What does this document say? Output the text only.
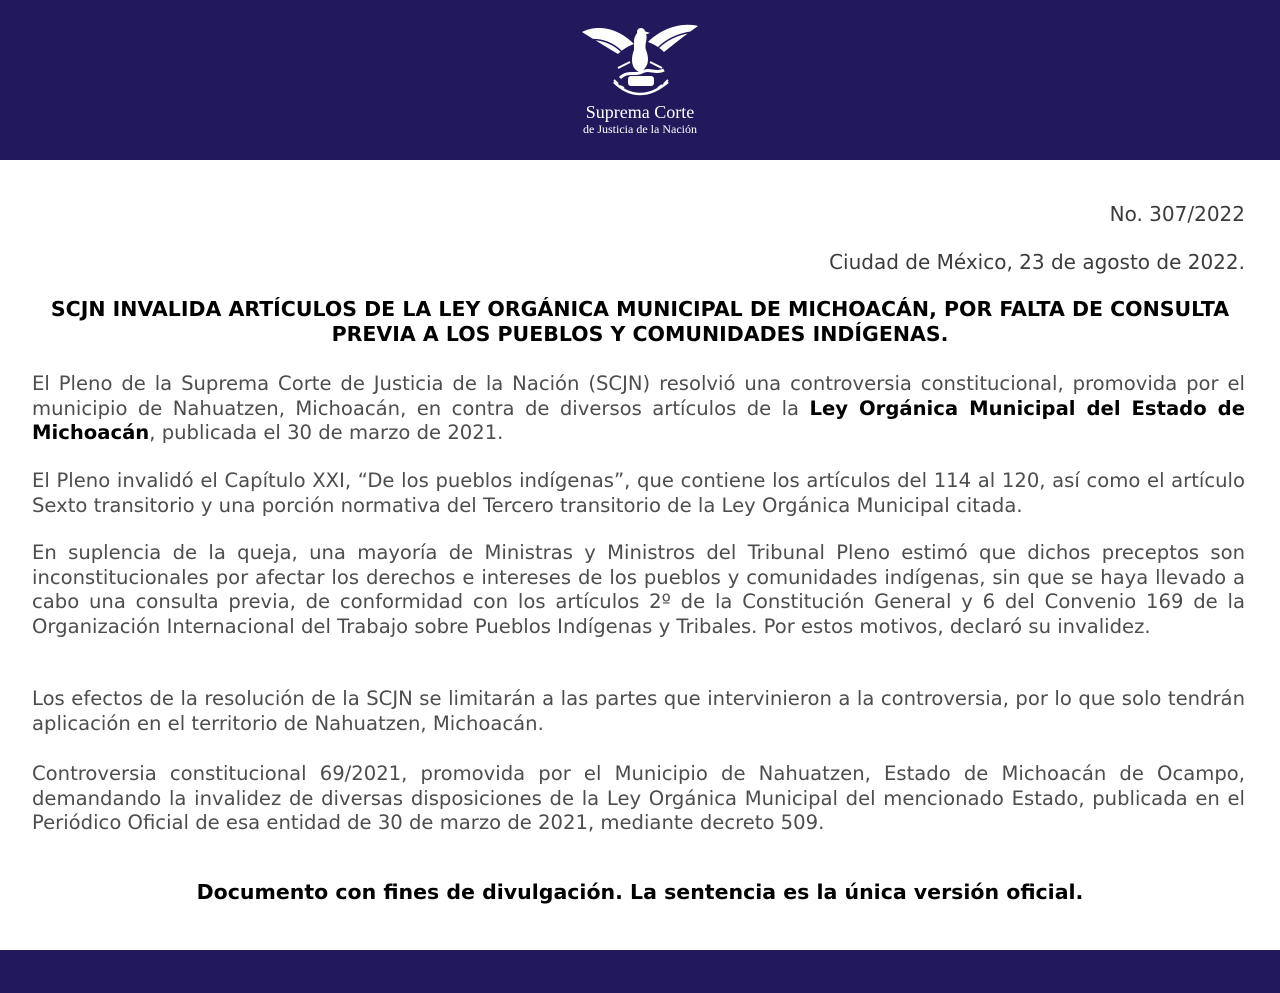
Suprema Corte
de Justicia de la Nación
No. 307/2022
Ciudad de México, 23 de agosto de 2022.
SCJN INVALIDA ARTÍCULOS DE LA LEY ORGÁNICA MUNICIPAL DE MICHOACÁN, POR FALTA DE CONSULTA
PREVIA A LOS PUEBLOS Y COMUNIDADES INDÍGENAS.

El Pleno de la Suprema Corte de Justicia de la Nación (SCJN) resolvió una controversia constitucional, promovida por el municipio de Nahuatzen, Michoacán, en contra de diversos artículos de la Ley Orgánica Municipal del Estado de Michoacán, publicada el 30 de marzo de 2021.

El Pleno invalidó el Capítulo XXI, “De los pueblos indígenas”, que contiene los artículos del 114 al 120, así como el artículo Sexto transitorio y una porción normativa del Tercero transitorio de la Ley Orgánica Municipal citada.

En suplencia de la queja, una mayoría de Ministras y Ministros del Tribunal Pleno estimó que dichos preceptos son inconstitucionales por afectar los derechos e intereses de los pueblos y comunidades indígenas, sin que se haya llevado a cabo una consulta previa, de conformidad con los artículos 2º de la Constitución General y 6 del Convenio 169 de la Organización Internacional del Trabajo sobre Pueblos Indígenas y Tribales. Por estos motivos, declaró su invalidez.

Los efectos de la resolución de la SCJN se limitarán a las partes que intervinieron a la controversia, por lo que solo tendrán aplicación en el territorio de Nahuatzen, Michoacán.

Controversia constitucional 69/2021, promovida por el Municipio de Nahuatzen, Estado de Michoacán de Ocampo, demandando la invalidez de diversas disposiciones de la Ley Orgánica Municipal del mencionado Estado, publicada en el Periódico Oficial de esa entidad de 30 de marzo de 2021, mediante decreto 509.

Documento con fines de divulgación. La sentencia es la única versión oficial.
